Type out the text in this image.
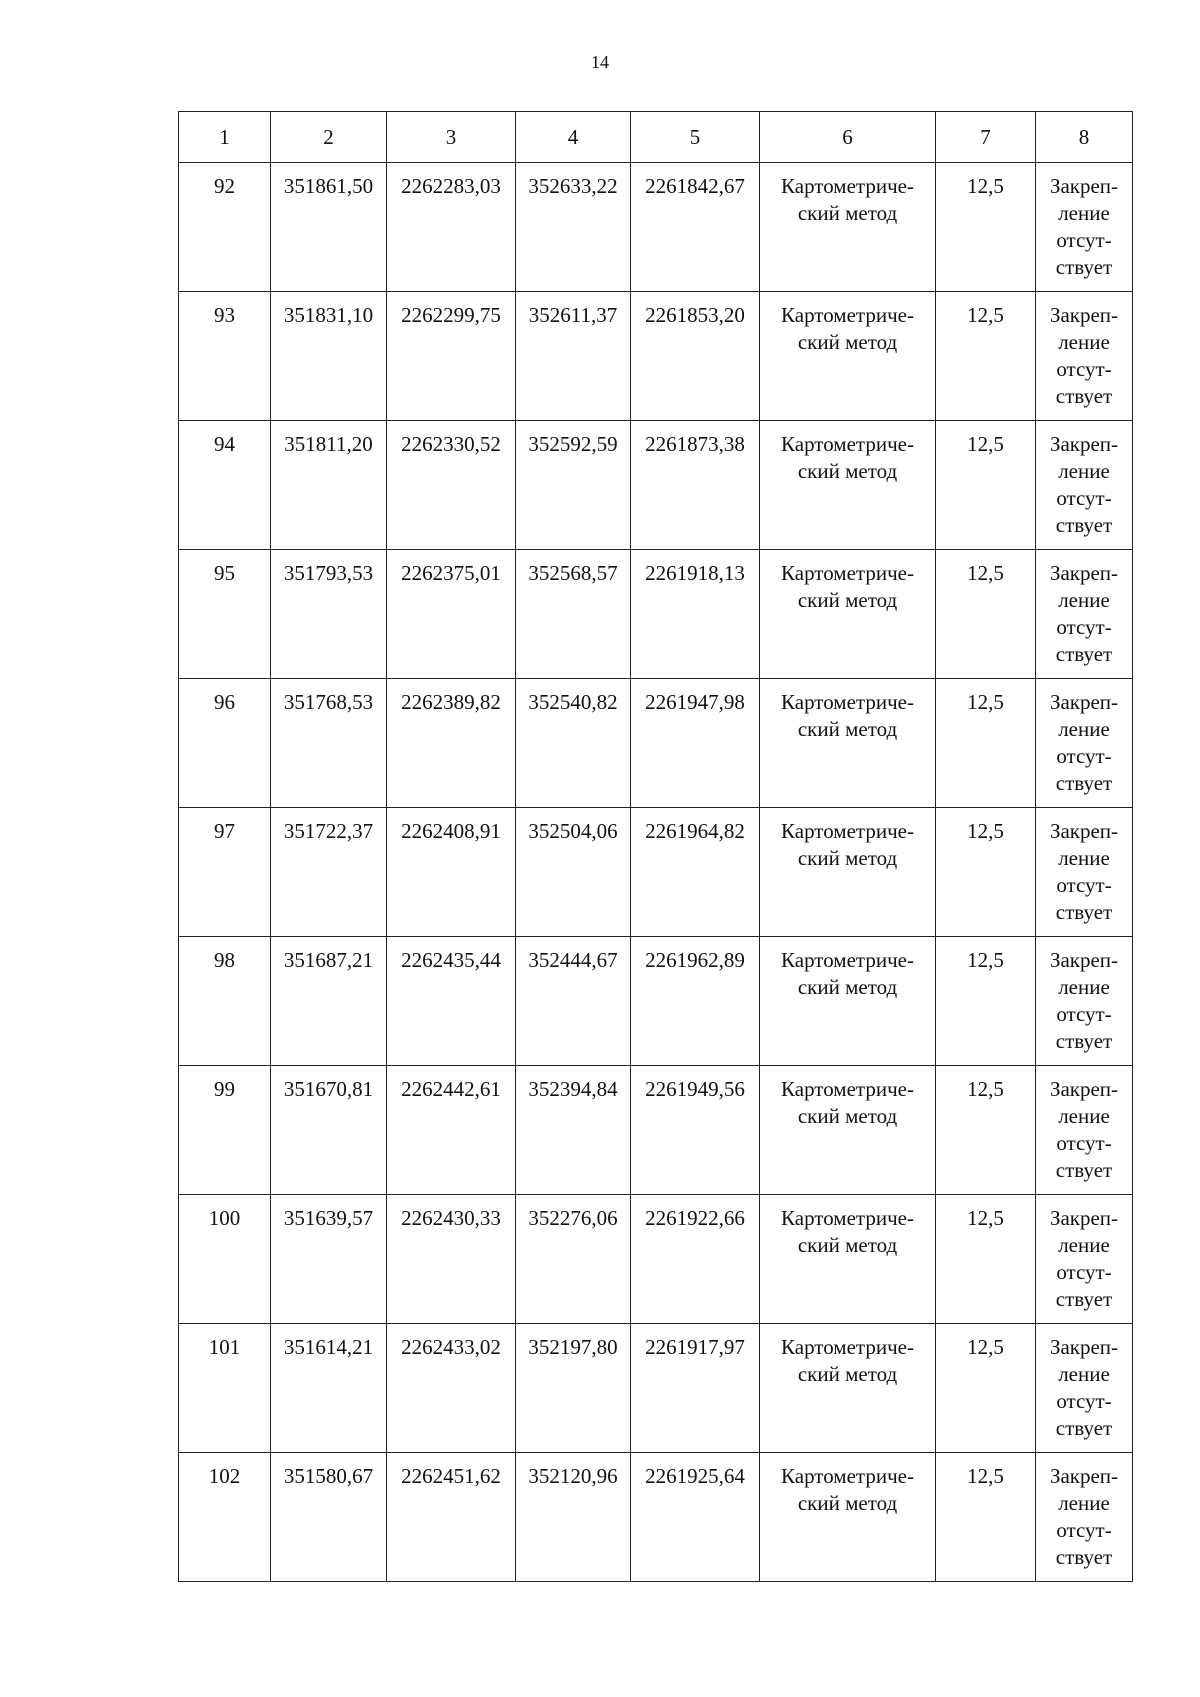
14
1	2	3	4	5	6	7	8
92	351861,50	2262283,03	352633,22	2261842,67	Картометриче-
ский метод	12,5	Закреп-
ление
отсут-
ствует

93	351831,10	2262299,75	352611,37	2261853,20	Картометриче-
ский метод	12,5	Закреп-
ление
отсут-
ствует

94	351811,20	2262330,52	352592,59	2261873,38	Картометриче-
ский метод	12,5	Закреп-
ление
отсут-
ствует

95	351793,53	2262375,01	352568,57	2261918,13	Картометриче-
ский метод	12,5	Закреп-
ление
отсут-
ствует

96	351768,53	2262389,82	352540,82	2261947,98	Картометриче-
ский метод	12,5	Закреп-
ление
отсут-
ствует

97	351722,37	2262408,91	352504,06	2261964,82	Картометриче-
ский метод	12,5	Закреп-
ление
отсут-
ствует

98	351687,21	2262435,44	352444,67	2261962,89	Картометриче-
ский метод	12,5	Закреп-
ление
отсут-
ствует

99	351670,81	2262442,61	352394,84	2261949,56	Картометриче-
ский метод	12,5	Закреп-
ление
отсут-
ствует

100	351639,57	2262430,33	352276,06	2261922,66	Картометриче-
ский метод	12,5	Закреп-
ление
отсут-
ствует

101	351614,21	2262433,02	352197,80	2261917,97	Картометриче-
ский метод	12,5	Закреп-
ление
отсут-
ствует

102	351580,67	2262451,62	352120,96	2261925,64	Картометриче-
ский метод	12,5	Закреп-
ление
отсут-
ствует
